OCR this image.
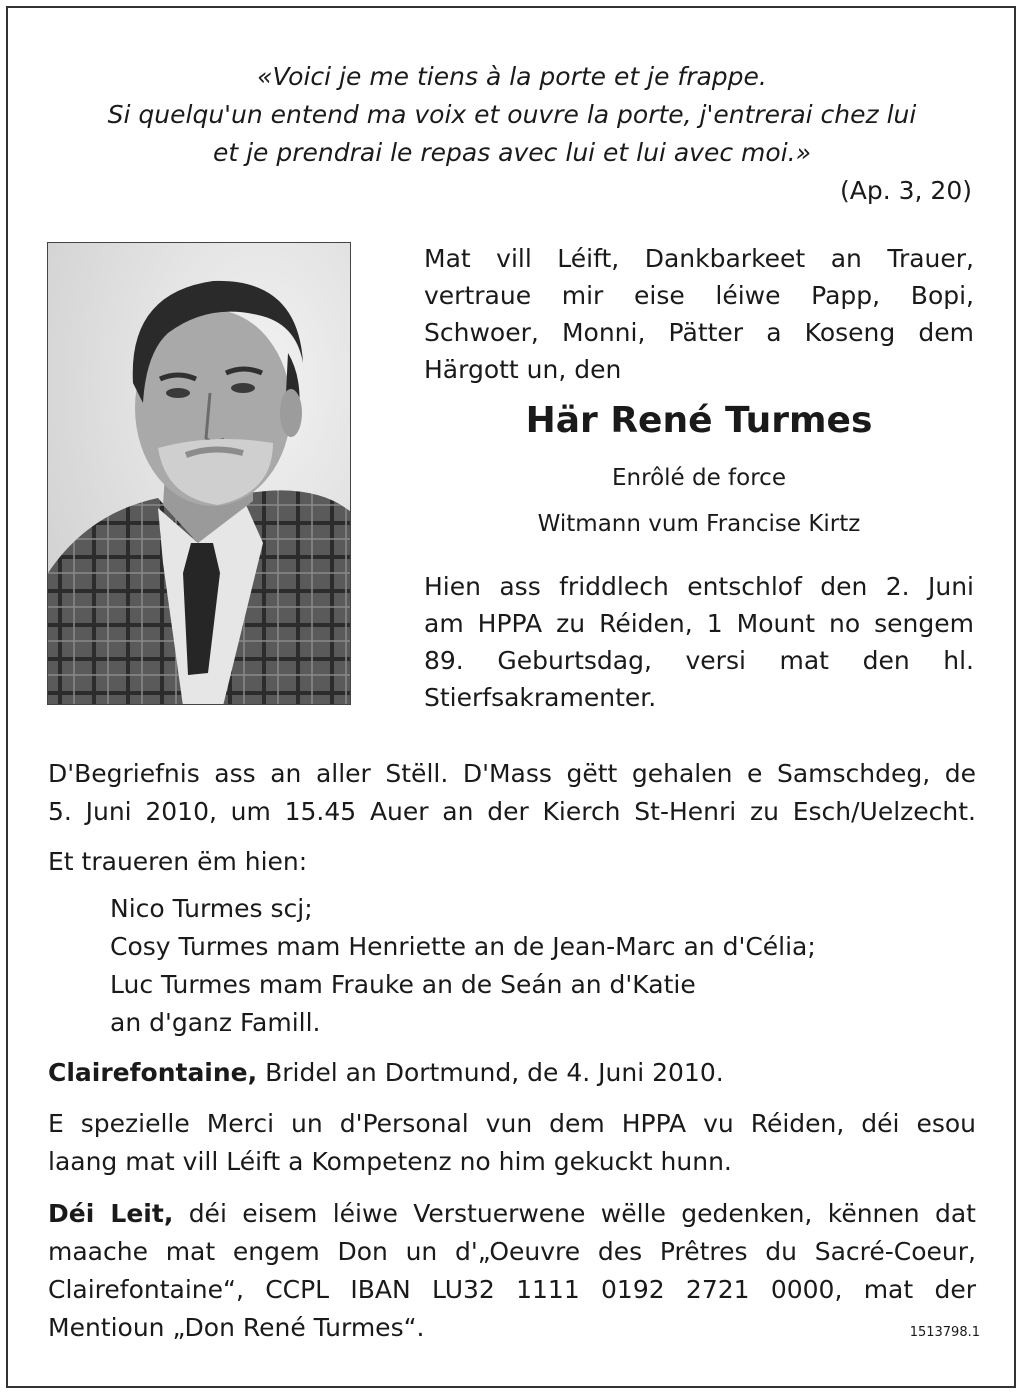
«Voici je me tiens à la porte et je frappe.
Si quelqu'un entend ma voix et ouvre la porte, j'entrerai chez lui
et je prendrai le repas avec lui et lui avec moi.»
(Ap. 3, 20)
Mat vill Léift, Dankbarkeet an Trauer,
vertraue mir eise léiwe Papp, Bopi,
Schwoer, Monni, Pätter a Koseng dem
Härgott un, den
Här René Turmes
Enrôlé de force
Witmann vum Francise Kirtz
Hien ass friddlech entschlof den 2. Juni
am HPPA zu Réiden, 1 Mount no sengem
89. Geburtsdag, versi mat den hl.
Stierfsakramenter.
D'Begriefnis ass an aller Stëll. D'Mass gëtt gehalen e Samschdeg, de
5. Juni 2010, um 15.45 Auer an der Kierch St-Henri zu Esch/Uelzecht.
Et traueren ëm hien:
Nico Turmes scj;
Cosy Turmes mam Henriette an de Jean-Marc an d'Célia;
Luc Turmes mam Frauke an de Seán an d'Katie
an d'ganz Famill.
Clairefontaine, Bridel an Dortmund, de 4. Juni 2010.
E spezielle Merci un d'Personal vun dem HPPA vu Réiden, déi esou
laang mat vill Léift a Kompetenz no him gekuckt hunn.
Déi Leit, déi eisem léiwe Verstuerwene wëlle gedenken, kënnen dat
maache mat engem Don un d'„Oeuvre des Prêtres du Sacré-Coeur,
Clairefontaine“, CCPL IBAN LU32 1111 0192 2721 0000, mat der
Mentioun „Don René Turmes“.	1513798.1
